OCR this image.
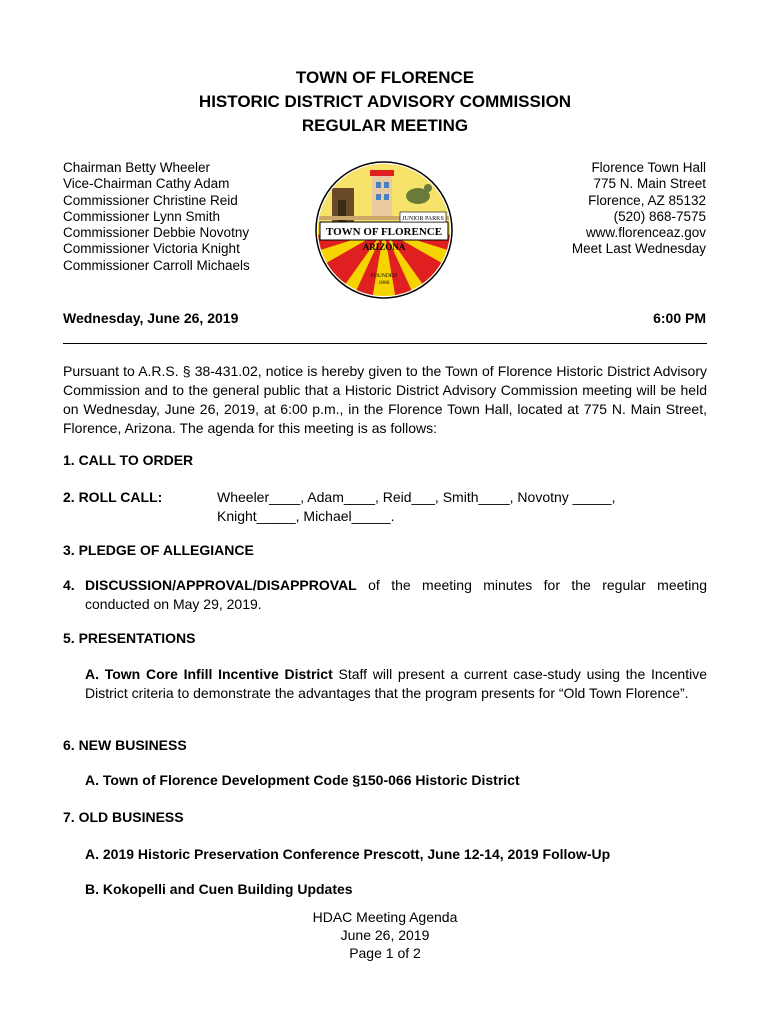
TOWN OF FLORENCE
HISTORIC DISTRICT ADVISORY COMMISSION
REGULAR MEETING
Chairman Betty Wheeler
Vice-Chairman Cathy Adam
Commissioner Christine Reid
Commissioner Lynn Smith
Commissioner Debbie Novotny
Commissioner Victoria Knight
Commissioner Carroll Michaels
TOWN OF FLORENCE
JUNIOR PARKS
ARIZONA
FOUNDED
1866
Florence Town Hall
775 N. Main Street
Florence, AZ 85132
(520) 868-7575
www.florenceaz.gov
Meet Last Wednesday
Wednesday, June 26, 2019	6:00 PM
Pursuant to A.R.S. § 38-431.02, notice is hereby given to the Town of Florence Historic District Advisory Commission and to the general public that a Historic District Advisory Commission meeting will be held on Wednesday, June 26, 2019, at 6:00 p.m., in the Florence Town Hall, located at 775 N. Main Street, Florence, Arizona. The agenda for this meeting is as follows:
1. CALL TO ORDER
2. ROLL CALL:	Wheeler____, Adam____, Reid___, Smith____, Novotny _____,
Knight_____, Michael_____.
3. PLEDGE OF ALLEGIANCE
4. DISCUSSION/APPROVAL/DISAPPROVAL of the meeting minutes for the regular meeting conducted on May 29, 2019.
5. PRESENTATIONS
A. Town Core Infill Incentive District Staff will present a current case-study using the Incentive District criteria to demonstrate the advantages that the program presents for “Old Town Florence”.
6. NEW BUSINESS
A. Town of Florence Development Code §150-066 Historic District
7. OLD BUSINESS
A. 2019 Historic Preservation Conference Prescott, June 12-14, 2019 Follow-Up
B. Kokopelli and Cuen Building Updates
HDAC Meeting Agenda
June 26, 2019
Page 1 of 2
